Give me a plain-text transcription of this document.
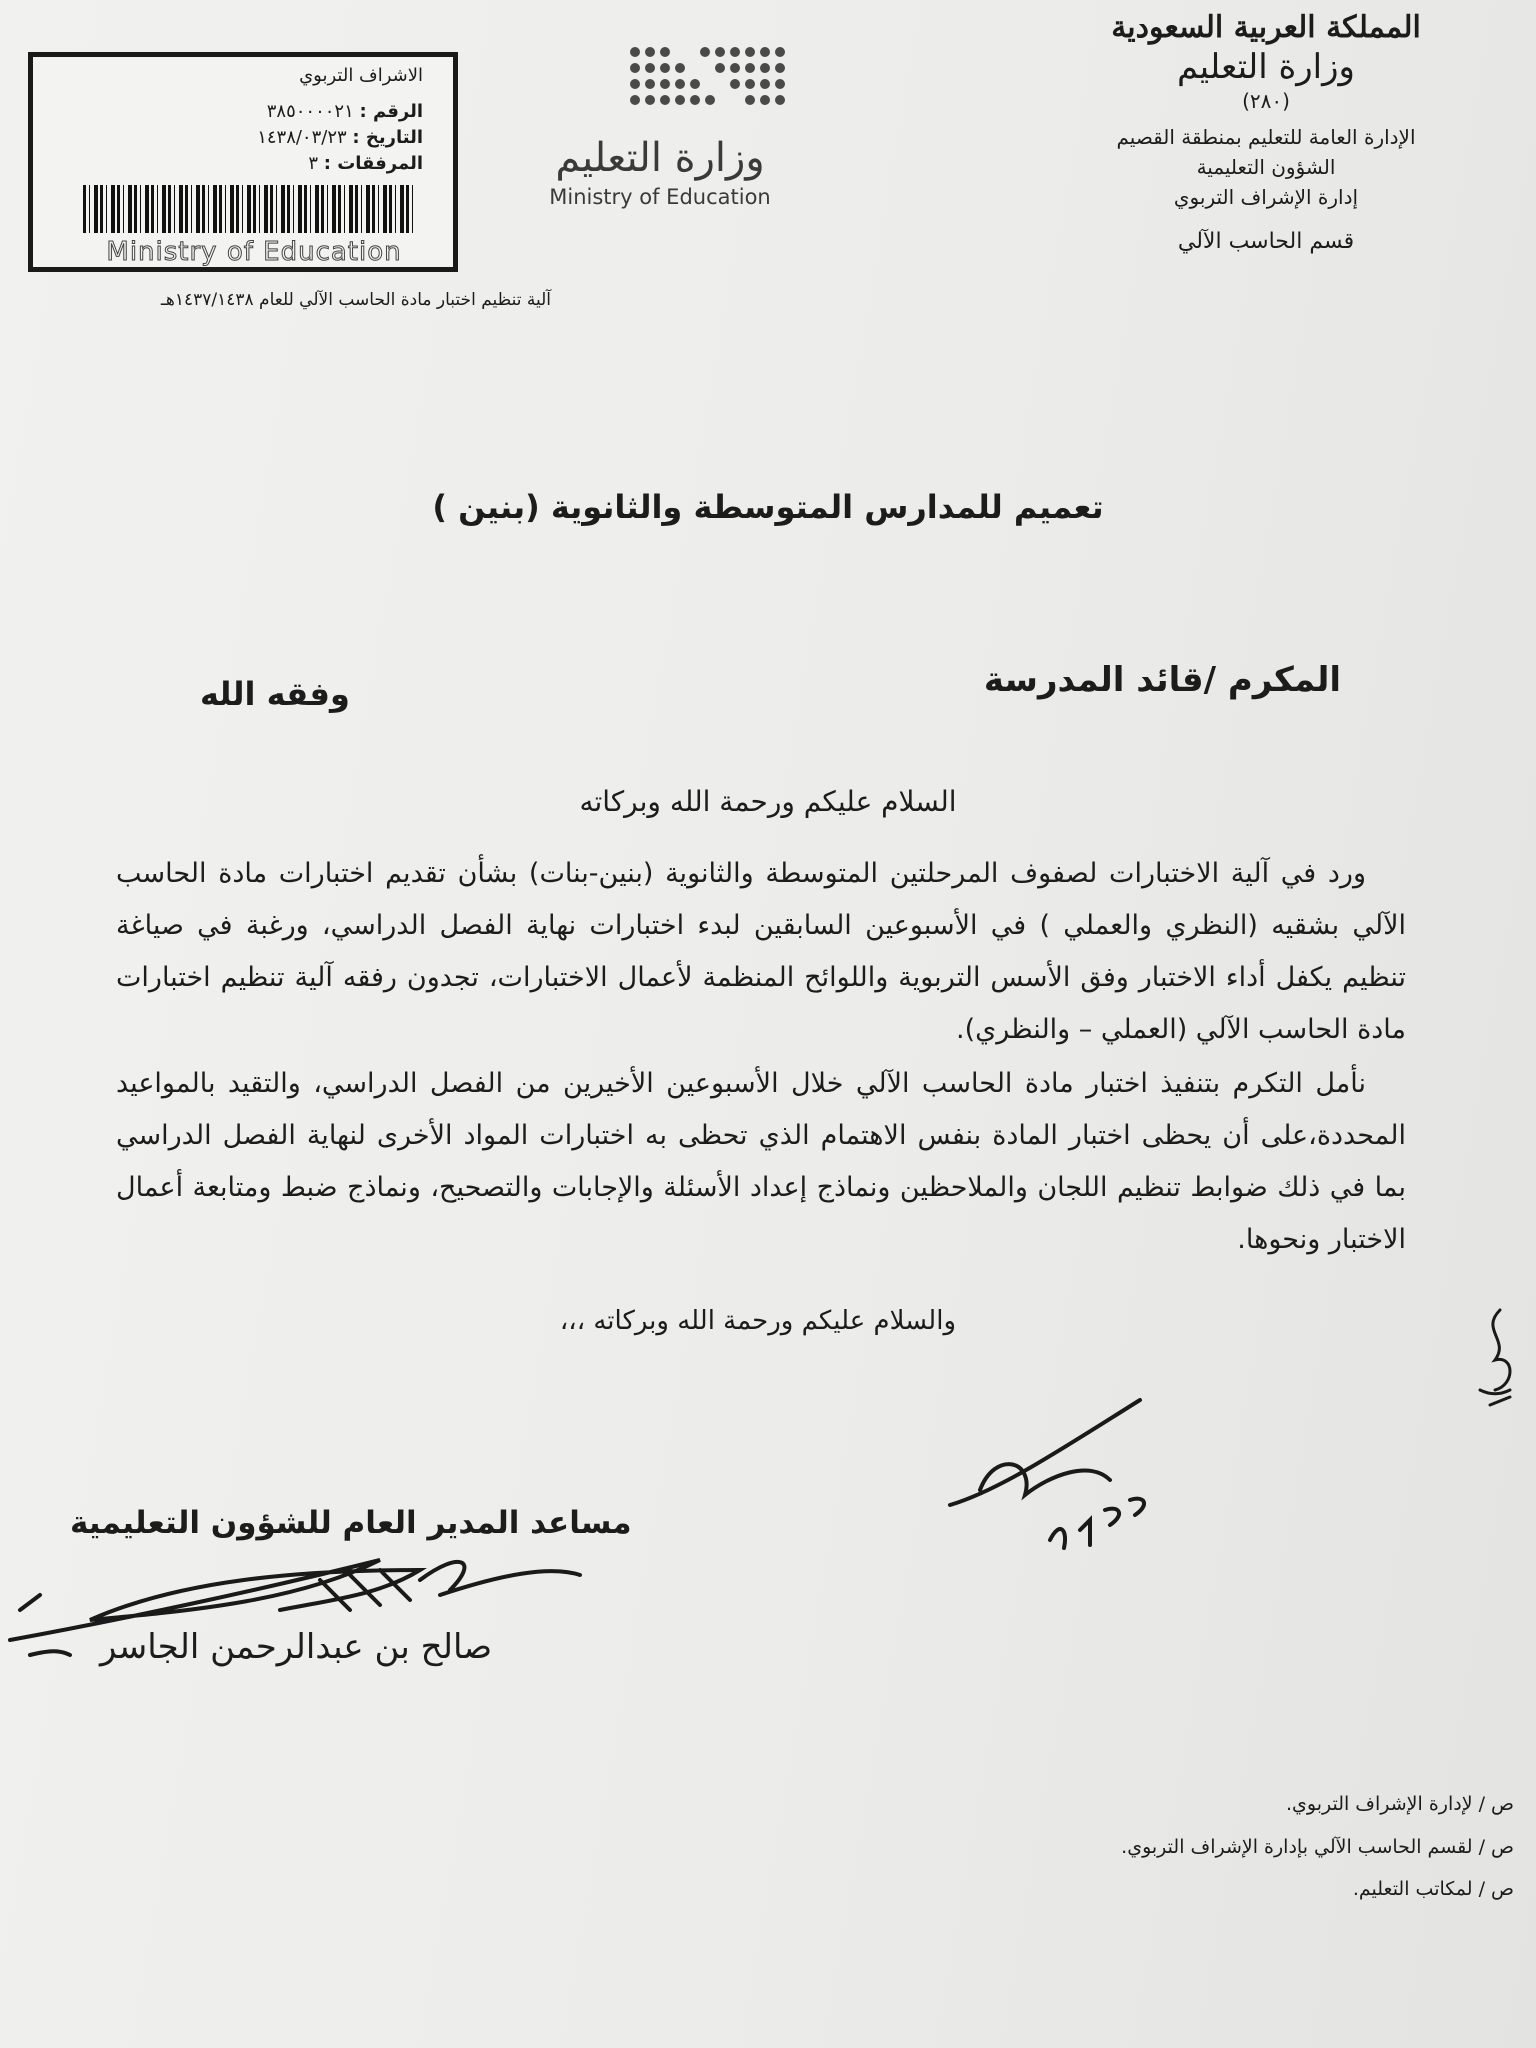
المملكة العربية السعودية
وزارة التعليم
(٢٨٠)
الإدارة العامة للتعليم بمنطقة القصيم
الشؤون التعليمية
إدارة الإشراف التربوي
قسم الحاسب الآلي
وزارة التعليم
Ministry of Education
الاشراف التربوي
الرقم : ٣٨٥٠٠٠٠٢١
التاريخ : ١٤٣٨/٠٣/٢٣
المرفقات : ٣
Ministry of Education
آلية تنظيم اختبار مادة الحاسب الآلي للعام ١٤٣٧/١٤٣٨هـ
تعميم للمدارس المتوسطة والثانوية (بنين )
المكرم /قائد المدرسة
وفقه الله
السلام عليكم ورحمة الله وبركاته
ورد في آلية الاختبارات لصفوف المرحلتين المتوسطة والثانوية (بنين-بنات) بشأن تقديم اختبارات مادة الحاسب الآلي بشقيه (النظري والعملي ) في الأسبوعين السابقين لبدء اختبارات نهاية الفصل الدراسي، ورغبة في صياغة تنظيم يكفل أداء الاختبار وفق الأسس التربوية واللوائح المنظمة لأعمال الاختبارات، تجدون رفقه آلية تنظيم اختبارات مادة الحاسب الآلي (العملي – والنظري).
نأمل التكرم بتنفيذ اختبار مادة الحاسب الآلي خلال الأسبوعين الأخيرين من الفصل الدراسي، والتقيد بالمواعيد المحددة،على أن يحظى اختبار المادة بنفس الاهتمام الذي تحظى به اختبارات المواد الأخرى لنهاية الفصل الدراسي بما في ذلك ضوابط تنظيم اللجان والملاحظين ونماذج إعداد الأسئلة والإجابات والتصحيح، ونماذج ضبط ومتابعة أعمال الاختبار ونحوها.
والسلام عليكم ورحمة الله وبركاته ،،،
مساعد المدير العام للشؤون التعليمية
صالح بن عبدالرحمن الجاسر
ص / لإدارة الإشراف التربوي.
ص / لقسم الحاسب الآلي بإدارة الإشراف التربوي.
ص / لمكاتب التعليم.
